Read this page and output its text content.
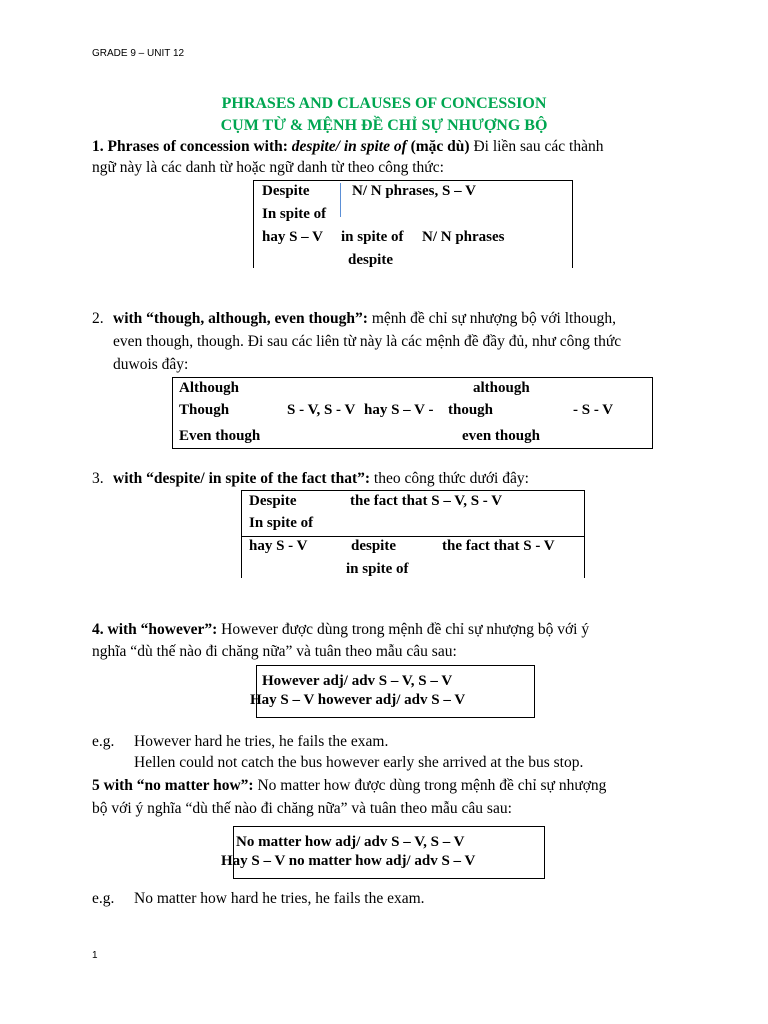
GRADE 9 – UNIT 12
PHRASES AND CLAUSES OF CONCESSION
CỤM TỪ & MỆNH ĐỀ CHỈ SỰ NHƯỢNG BỘ
1. Phrases of concession with: despite/ in spite of (mặc dù) Đi liền sau các thành
ngữ này là các danh từ hoặc ngữ danh từ theo công thức:
Despite	N/ N phrases, S – V
In spite of
hay S – V in spite of N/ N phrases
despite
2. with “though, although, even though”: mệnh đề chỉ sự nhượng bộ với lthough,
even though, though. Đi sau các liên từ này là các mệnh đề đầy đủ, như công thức
duwois đây:
Although	although
Though	S - V, S - V hay S – V - though	- S - V
Even though	even though
3. with “despite/ in spite of the fact that”: theo công thức dưới đây:
Despite	the fact that S – V, S - V
In spite of
hay S - V	despite	the fact that S - V
in spite of
4. with “however”: However được dùng trong mệnh đề chỉ sự nhượng bộ với ý
nghĩa “dù thế nào đi chăng nữa” và tuân theo mẫu câu sau:
However adj/ adv S – V, S – V
Hay S – V however adj/ adv S – V
e.g. However hard he tries, he fails the exam.
Hellen could not catch the bus however early she arrived at the bus stop.
5 with “no matter how”: No matter how được dùng trong mệnh đề chỉ sự nhượng
bộ với ý nghĩa “dù thế nào đi chăng nữa” và tuân theo mẫu câu sau:
No matter how adj/ adv S – V, S – V
Hay S – V no matter how adj/ adv S – V
e.g. No matter how hard he tries, he fails the exam.
1
